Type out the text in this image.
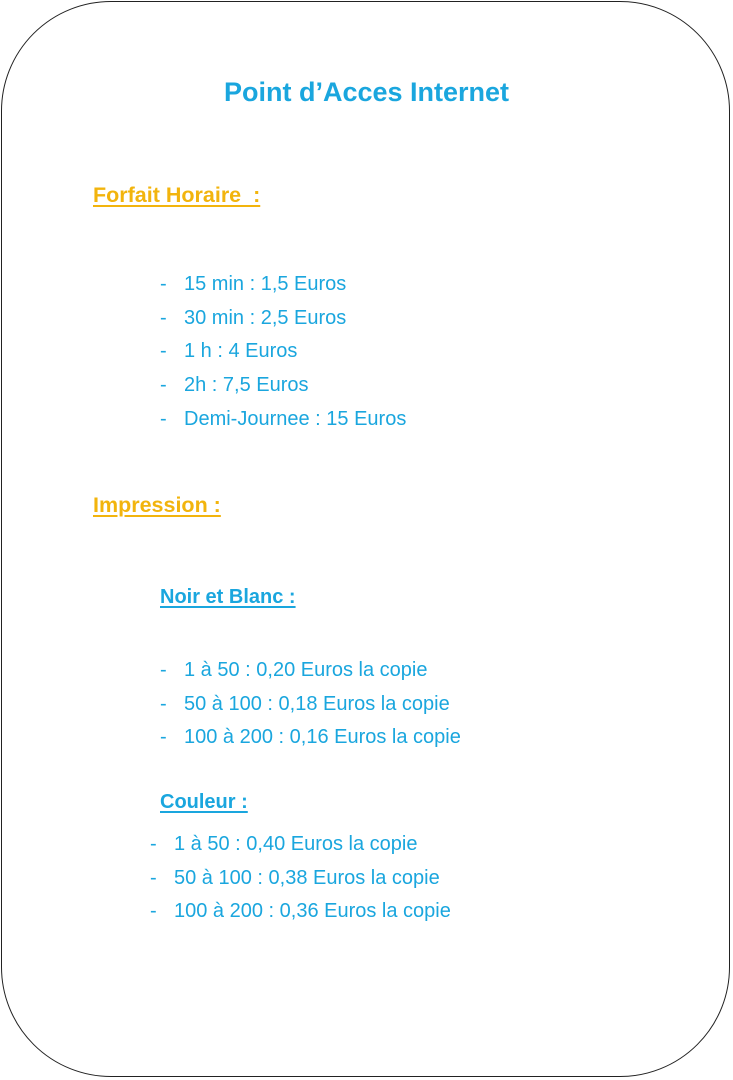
Point d’Acces Internet
Forfait Horaire  :
- 15 min : 1,5 Euros
- 30 min : 2,5 Euros
- 1 h : 4 Euros
- 2h : 7,5 Euros
- Demi-Journee : 15 Euros
Impression :
Noir et Blanc :
- 1 à 50 : 0,20 Euros la copie
- 50 à 100 : 0,18 Euros la copie
- 100 à 200 : 0,16 Euros la copie
Couleur :
- 1 à 50 : 0,40 Euros la copie
- 50 à 100 : 0,38 Euros la copie
- 100 à 200 : 0,36 Euros la copie
